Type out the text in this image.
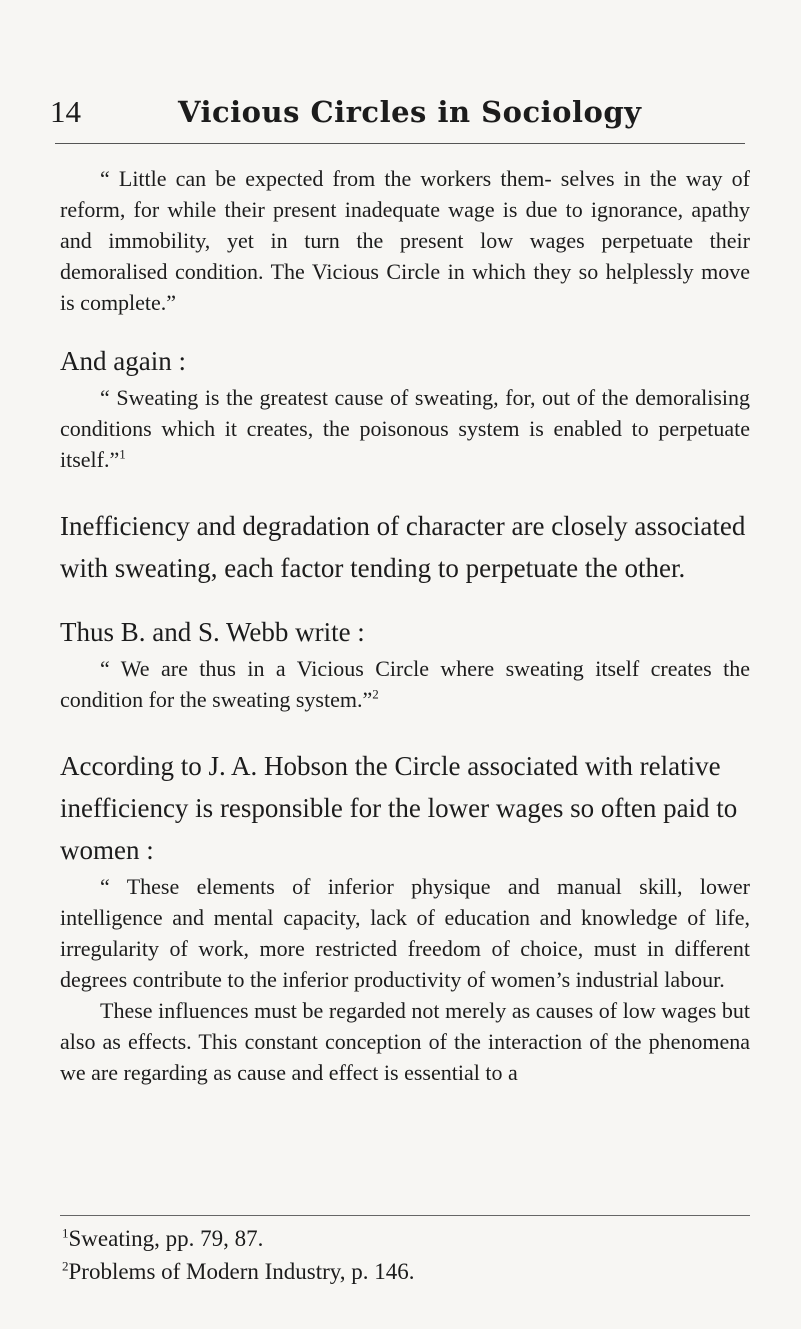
14	Vicious Circles in Sociology

“ Little can be expected from the workers them- selves in the way of reform, for while their present inadequate wage is due to ignorance, apathy and immobility, yet in turn the present low wages perpetuate their demoralised condition. The Vicious Circle in which they so helplessly move is complete.”

And again :

“ Sweating is the greatest cause of sweating, for, out of the demoralising conditions which it creates, the poisonous system is enabled to perpetuate itself.”$^1$

Inefficiency and degradation of character are closely associated with sweating, each factor tending to perpetuate the other.

Thus B. and S. Webb write :

“ We are thus in a Vicious Circle where sweating itself creates the condition for the sweating system.”$^2$

According to J. A. Hobson the Circle associated with relative inefficiency is responsible for the lower wages so often paid to women :

“ These elements of inferior physique and manual skill, lower intelligence and mental capacity, lack of education and knowledge of life, irregularity of work, more restricted freedom of choice, must in different degrees contribute to the inferior productivity of women’s industrial labour.

These influences must be regarded not merely as causes of low wages but also as effects. This constant conception of the interaction of the phenomena we are regarding as cause and effect is essential to a

$^1$Sweating, pp. 79, 87.

$^2$Problems of Modern Industry, p. 146.
